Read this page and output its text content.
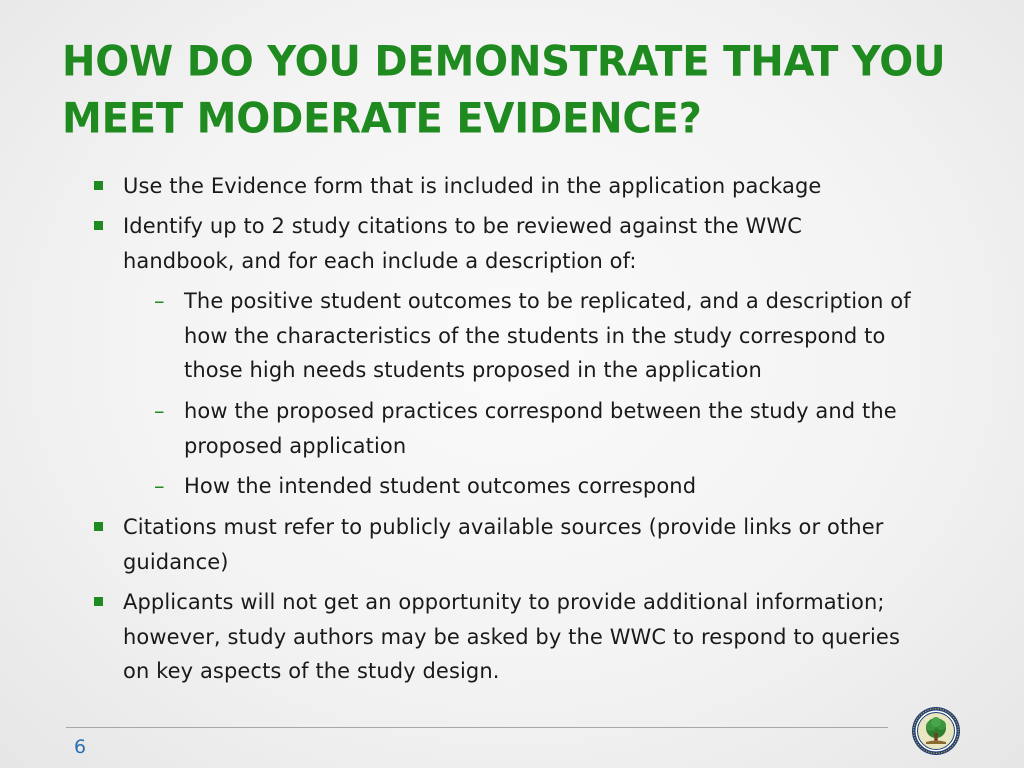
HOW DO YOU DEMONSTRATE THAT YOU
MEET MODERATE EVIDENCE?
Use the Evidence form that is included in the application package
Identify up to 2 study citations to be reviewed against the WWC
handbook, and for each include a description of:
– The positive student outcomes to be replicated, and a description of
how the characteristics of the students in the study correspond to
those high needs students proposed in the application
– how the proposed practices correspond between the study and the
proposed application
– How the intended student outcomes correspond
Citations must refer to publicly available sources (provide links or other
guidance)
Applicants will not get an opportunity to provide additional information;
however, study authors may be asked by the WWC to respond to queries
on key aspects of the study design.
6
